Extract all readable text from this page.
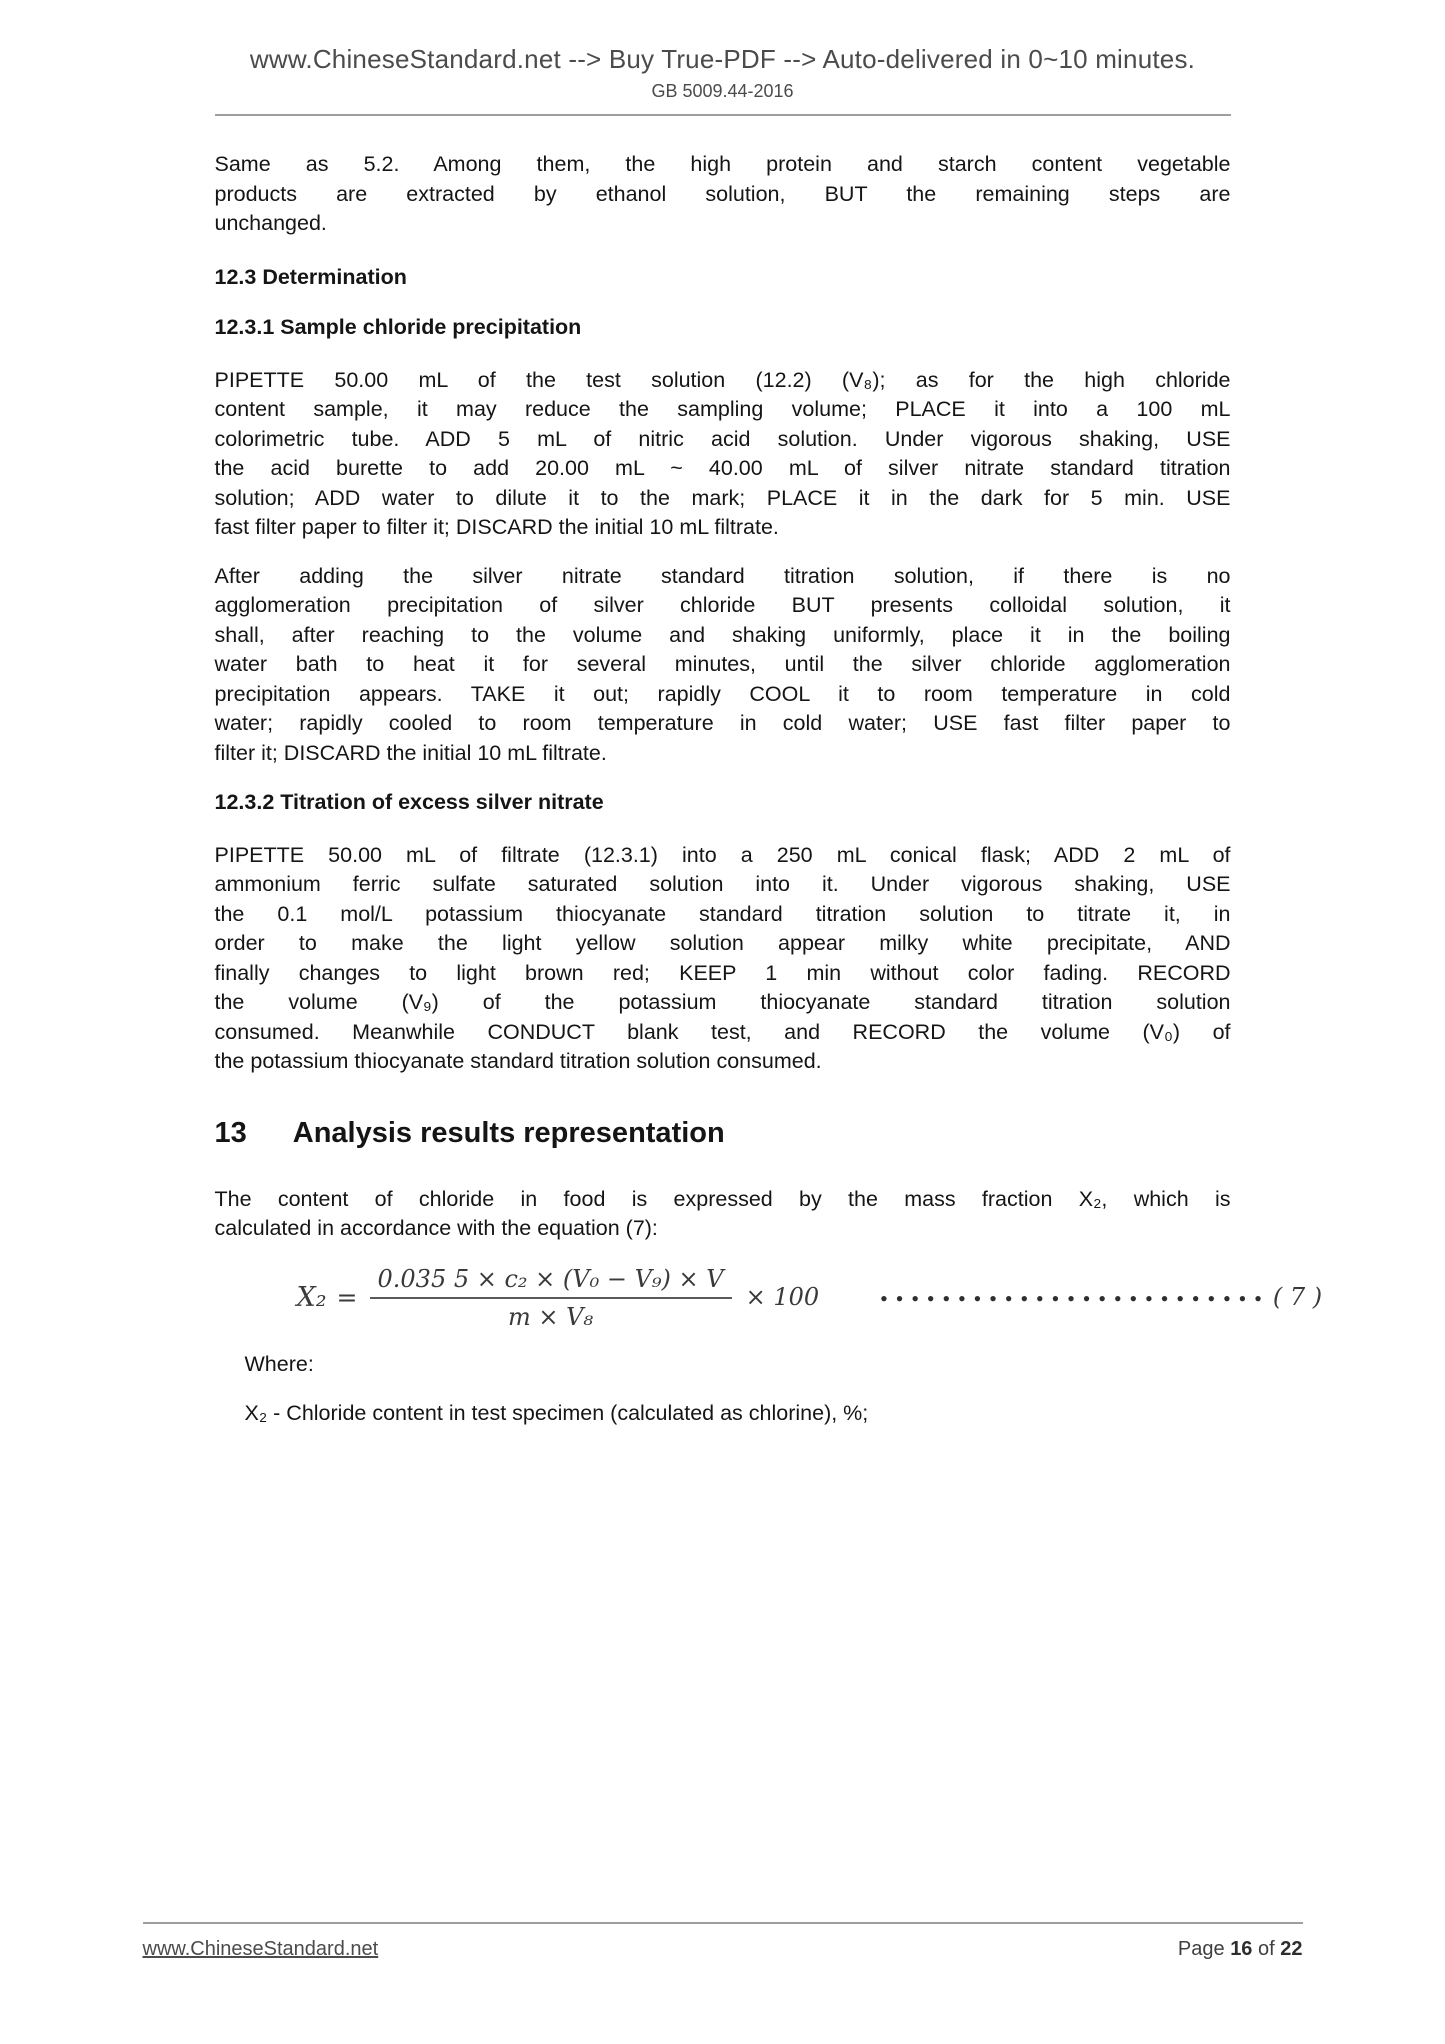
www.ChineseStandard.net --> Buy True-PDF --> Auto-delivered in 0~10 minutes.
GB 5009.44-2016
Same as 5.2. Among them, the high protein and starch content vegetable
products are extracted by ethanol solution, BUT the remaining steps are
unchanged.
12.3 Determination
12.3.1 Sample chloride precipitation
PIPETTE 50.00 mL of the test solution (12.2) (V₈); as for the high chloride
content sample, it may reduce the sampling volume; PLACE it into a 100 mL
colorimetric tube. ADD 5 mL of nitric acid solution. Under vigorous shaking, USE
the acid burette to add 20.00 mL ~ 40.00 mL of silver nitrate standard titration
solution; ADD water to dilute it to the mark; PLACE it in the dark for 5 min. USE
fast filter paper to filter it; DISCARD the initial 10 mL filtrate.
After adding the silver nitrate standard titration solution, if there is no
agglomeration precipitation of silver chloride BUT presents colloidal solution, it
shall, after reaching to the volume and shaking uniformly, place it in the boiling
water bath to heat it for several minutes, until the silver chloride agglomeration
precipitation appears. TAKE it out; rapidly COOL it to room temperature in cold
water; rapidly cooled to room temperature in cold water; USE fast filter paper to
filter it; DISCARD the initial 10 mL filtrate.
12.3.2 Titration of excess silver nitrate
PIPETTE 50.00 mL of filtrate (12.3.1) into a 250 mL conical flask; ADD 2 mL of
ammonium ferric sulfate saturated solution into it. Under vigorous shaking, USE
the 0.1 mol/L potassium thiocyanate standard titration solution to titrate it, in
order to make the light yellow solution appear milky white precipitate, AND
finally changes to light brown red; KEEP 1 min without color fading. RECORD
the volume (V₉) of the potassium thiocyanate standard titration solution
consumed. Meanwhile CONDUCT blank test, and RECORD the volume (V₀) of
the potassium thiocyanate standard titration solution consumed.
13 Analysis results representation
The content of chloride in food is expressed by the mass fraction X₂, which is
calculated in accordance with the equation (7):
$X_2 = \frac{\text{0.035 5 × c₂ × (V₀ − V₉) × V}}{\text{m × V₈}} \times 100$	••••••••••••••••••••••••• ( 7 )
Where:
X₂ - Chloride content in test specimen (calculated as chlorine), %;
www.ChineseStandard.net	Page 16 of 22
